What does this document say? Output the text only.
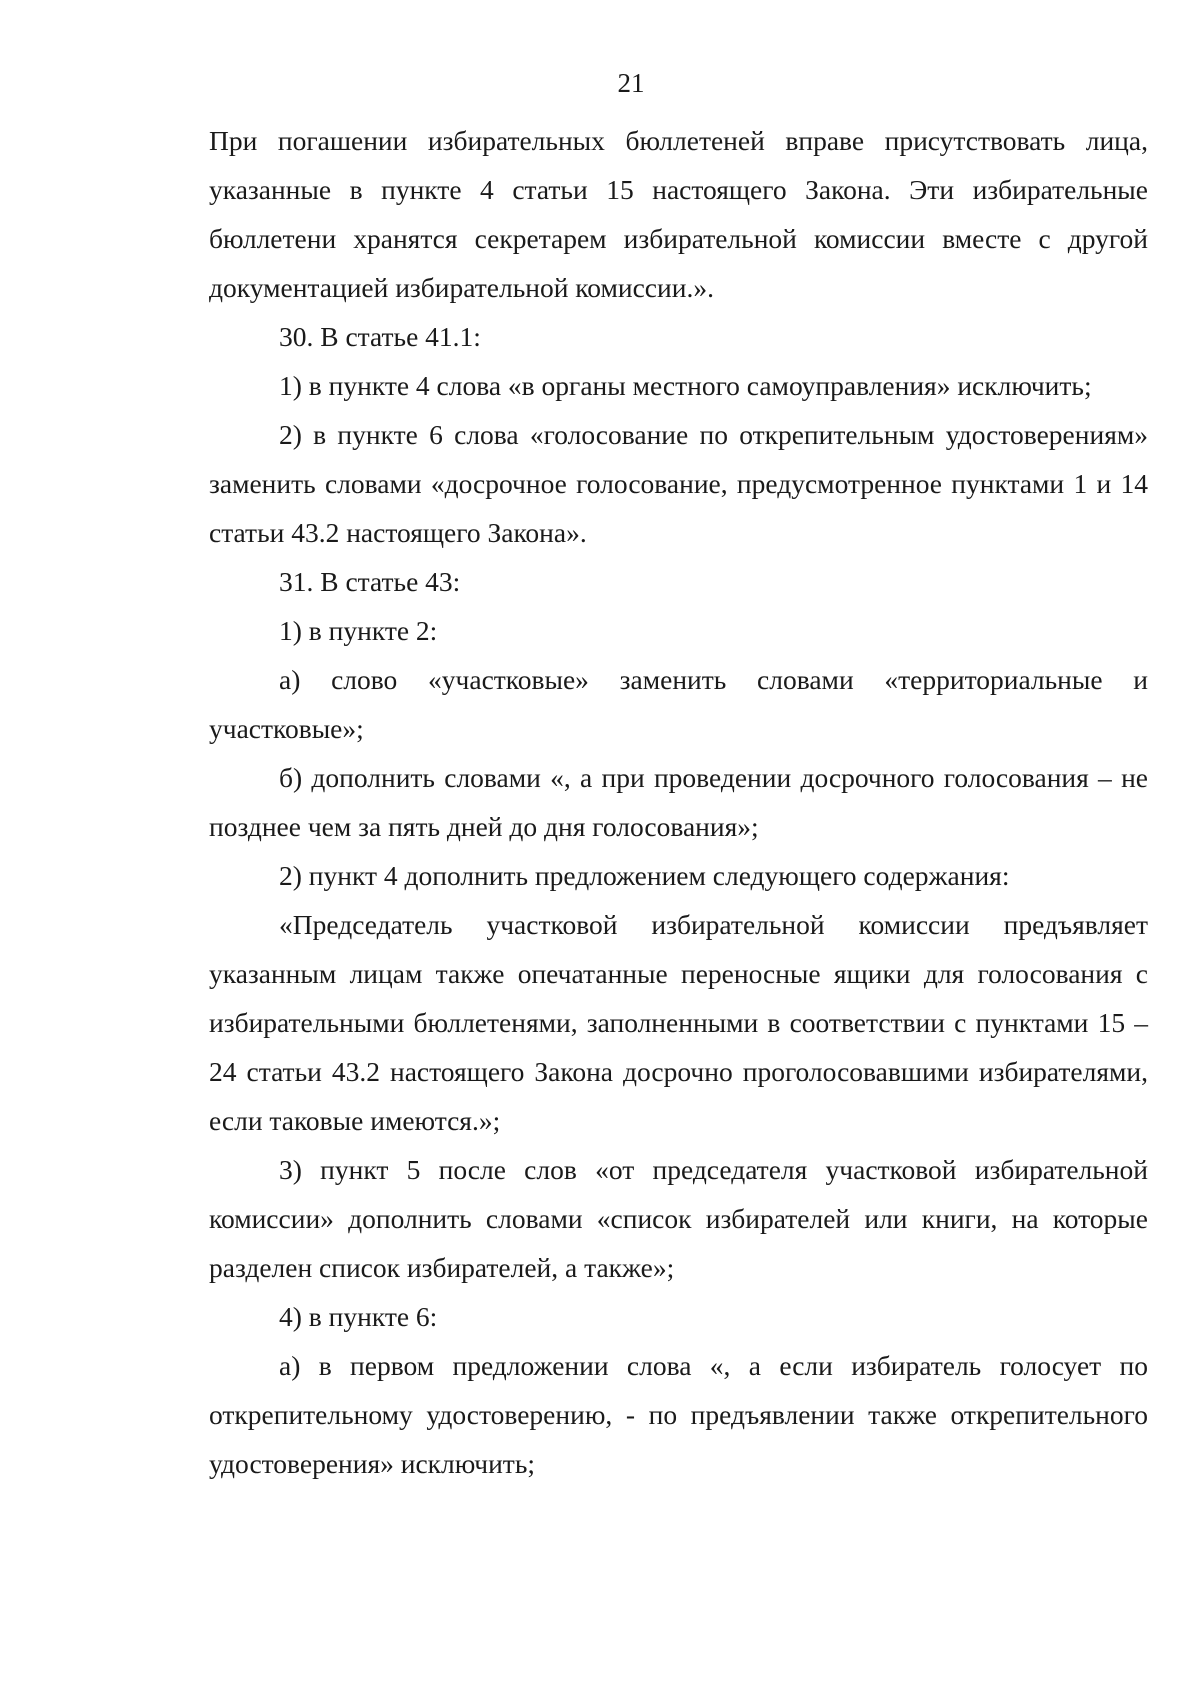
21

При погашении избирательных бюллетеней вправе присутствовать лица, указанные в пункте 4 статьи 15 настоящего Закона. Эти избирательные бюллетени хранятся секретарем избирательной комиссии вместе с другой документацией избирательной комиссии.».

30. В статье 41.1:

1) в пункте 4 слова «в органы местного самоуправления» исключить;

2) в пункте 6 слова «голосование по открепительным удостоверениям» заменить словами «досрочное голосование, предусмотренное пунктами 1 и 14 статьи 43.2 настоящего Закона».

31. В статье 43:

1) в пункте 2:

а) слово «участковые» заменить словами «территориальные и участковые»;

б) дополнить словами «, а при проведении досрочного голосования – не позднее чем за пять дней до дня голосования»;

2) пункт 4 дополнить предложением следующего содержания:

«Председатель участковой избирательной комиссии предъявляет указанным лицам также опечатанные переносные ящики для голосования с избирательными бюллетенями, заполненными в соответствии с пунктами 15 – 24 статьи 43.2 настоящего Закона досрочно проголосовавшими избирателями, если таковые имеются.»;

3) пункт 5 после слов «от председателя участковой избирательной комиссии» дополнить словами «список избирателей или книги, на которые разделен список избирателей, а также»;

4) в пункте 6:

а) в первом предложении слова «, а если избиратель голосует по открепительному удостоверению, - по предъявлении также открепительного удостоверения» исключить;
